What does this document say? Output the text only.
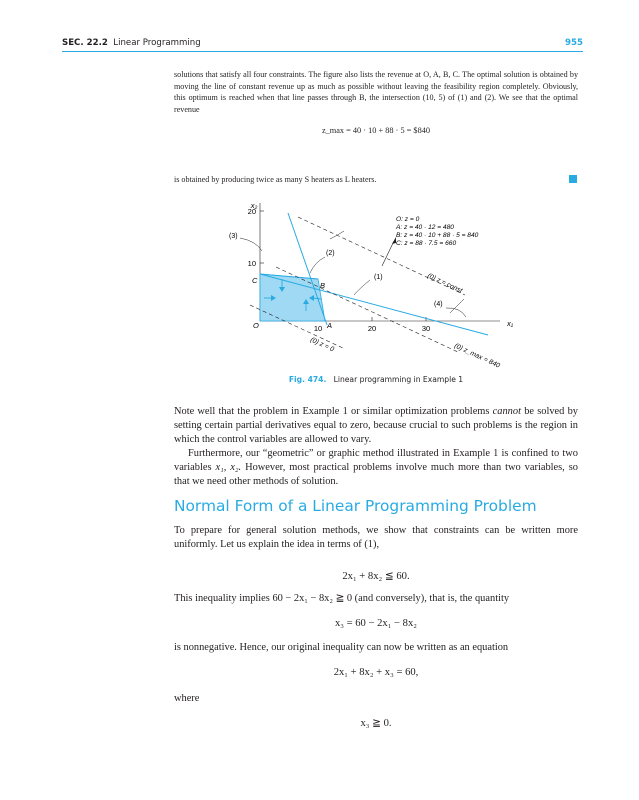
SEC. 22.2 Linear Programming	955
solutions that satisfy all four constraints. The figure also lists the revenue at O, A, B, C. The optimal solution is obtained by moving the line of constant revenue up as much as possible without leaving the feasibility region completely. Obviously, this optimum is reached when that line passes through B, the intersection (10, 5) of (1) and (2). We see that the optimal revenue
z_max = 40 · 10 + 88 · 5 = $840
is obtained by producing twice as many S heaters as L heaters.
10	20	30
10
20
x₂
x₁
O	A
B
C	(1)
(2)
(3)
(4)
O: z = 0
A: z = 40 · 12 = 480
B: z = 40 · 10 + 88 · 5 = 840
C: z = 88 · 7.5 = 660
(0) z = 0
(0) z = const
(0) z_max = 840
Fig. 474. Linear programming in Example 1
Note well that the problem in Example 1 or similar optimization problems cannot be solved by setting certain partial derivatives equal to zero, because crucial to such problems is the region in which the control variables are allowed to vary.
Furthermore, our “geometric” or graphic method illustrated in Example 1 is confined to two variables x₁, x₂. However, most practical problems involve much more than two variables, so that we need other methods of solution.
Normal Form of a Linear Programming Problem
To prepare for general solution methods, we show that constraints can be written more uniformly. Let us explain the idea in terms of (1),
2x₁ + 8x₂ ≦ 60.
This inequality implies 60 − 2x₁ − 8x₂ ≧ 0 (and conversely), that is, the quantity
x₃ = 60 − 2x₁ − 8x₂
is nonnegative. Hence, our original inequality can now be written as an equation
2x₁ + 8x₂ + x₃ = 60,
where
x₃ ≧ 0.
